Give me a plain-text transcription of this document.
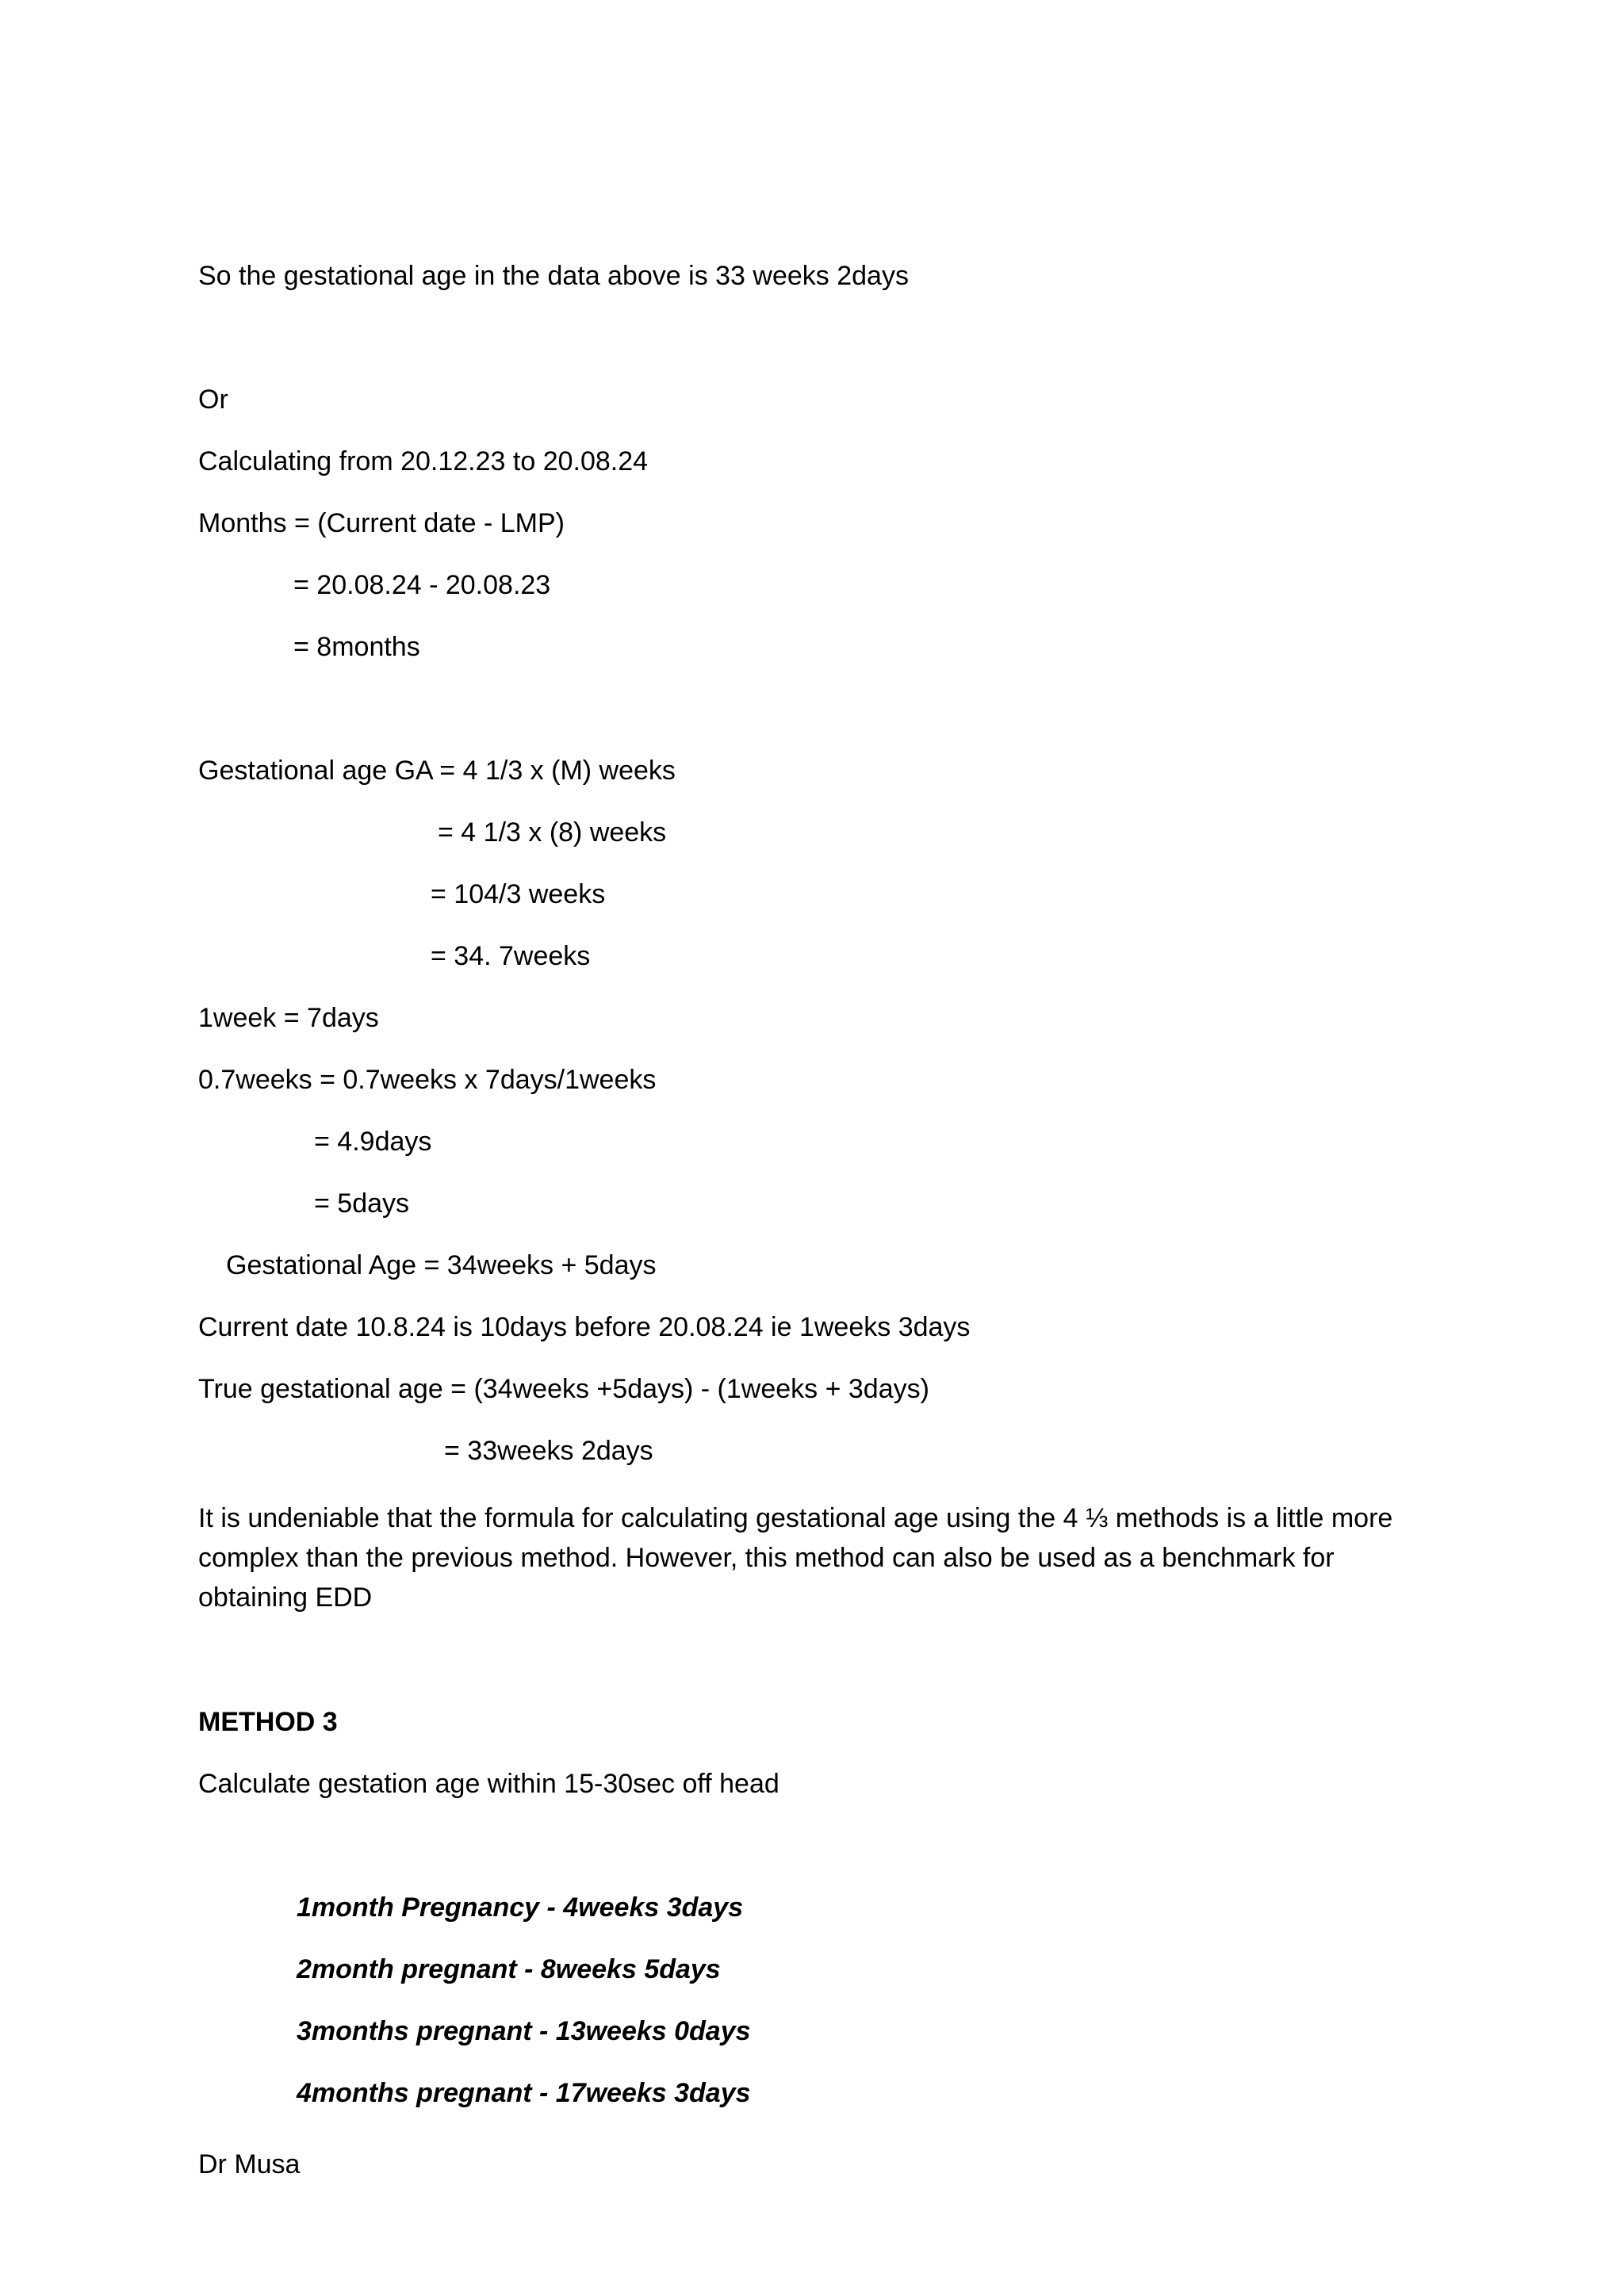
So the gestational age in the data above is 33 weeks 2days

Or

Calculating from 20.12.23 to 20.08.24

Months = (Current date - LMP)

= 20.08.24 - 20.08.23

= 8months

Gestational age GA = 4 1/3 x (M) weeks

= 4 1/3 x (8) weeks

= 104/3 weeks

= 34. 7weeks

1week = 7days

0.7weeks = 0.7weeks x 7days/1weeks

= 4.9days

= 5days

Gestational Age = 34weeks + 5days

Current date 10.8.24 is 10days before 20.08.24 ie 1weeks 3days

True gestational age = (34weeks +5days) - (1weeks + 3days)

= 33weeks 2days

It is undeniable that the formula for calculating gestational age using the 4 ⅓ methods is a little more complex than the previous method. However, this method can also be used as a benchmark for obtaining EDD

METHOD 3

Calculate gestation age within 15-30sec off head

1month Pregnancy - 4weeks 3days

2month pregnant - 8weeks 5days

3months pregnant - 13weeks 0days

4months pregnant - 17weeks 3days

Dr Musa
